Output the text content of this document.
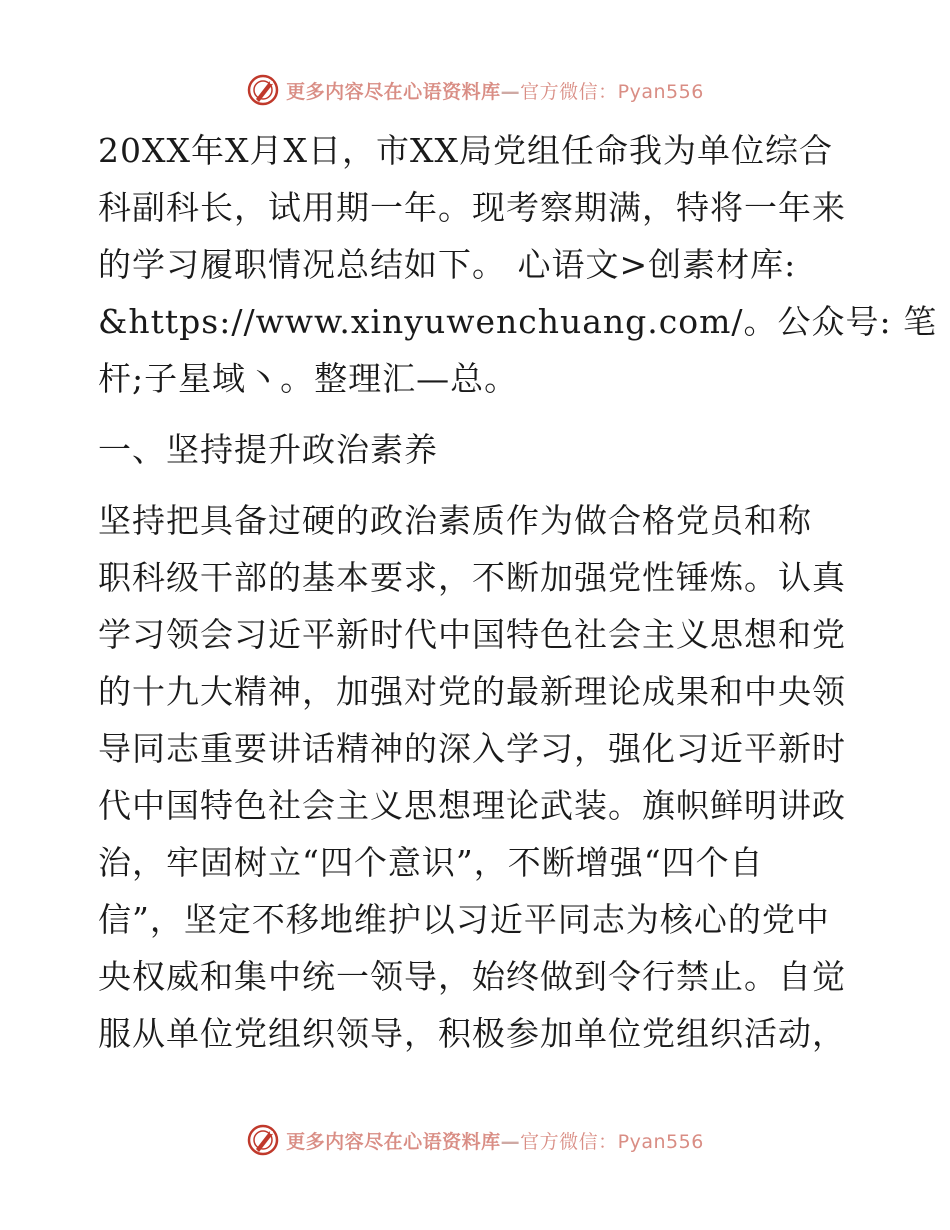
更多内容尽在心语资料库—官方微信：Pyan556
20XX年X月X日，市XX局党组任命我为单位综合
科副科长，试用期一年。现考察期满，特将一年来
的学习履职情况总结如下。 心语文>创素材库:
&https://www.xinyuwenchuang.com/。公众号: 笔
杆;子星域丶。整理汇—总。
一、坚持提升政治素养
坚持把具备过硬的政治素质作为做合格党员和称
职科级干部的基本要求，不断加强党性锤炼。认真
学习领会习近平新时代中国特色社会主义思想和党
的十九大精神，加强对党的最新理论成果和中央领
导同志重要讲话精神的深入学习，强化习近平新时
代中国特色社会主义思想理论武装。旗帜鲜明讲政
治，牢固树立“四个意识”，不断增强“四个自
信”，坚定不移地维护以习近平同志为核心的党中
央权威和集中统一领导，始终做到令行禁止。自觉
服从单位党组织领导，积极参加单位党组织活动，
更多内容尽在心语资料库—官方微信：Pyan556
